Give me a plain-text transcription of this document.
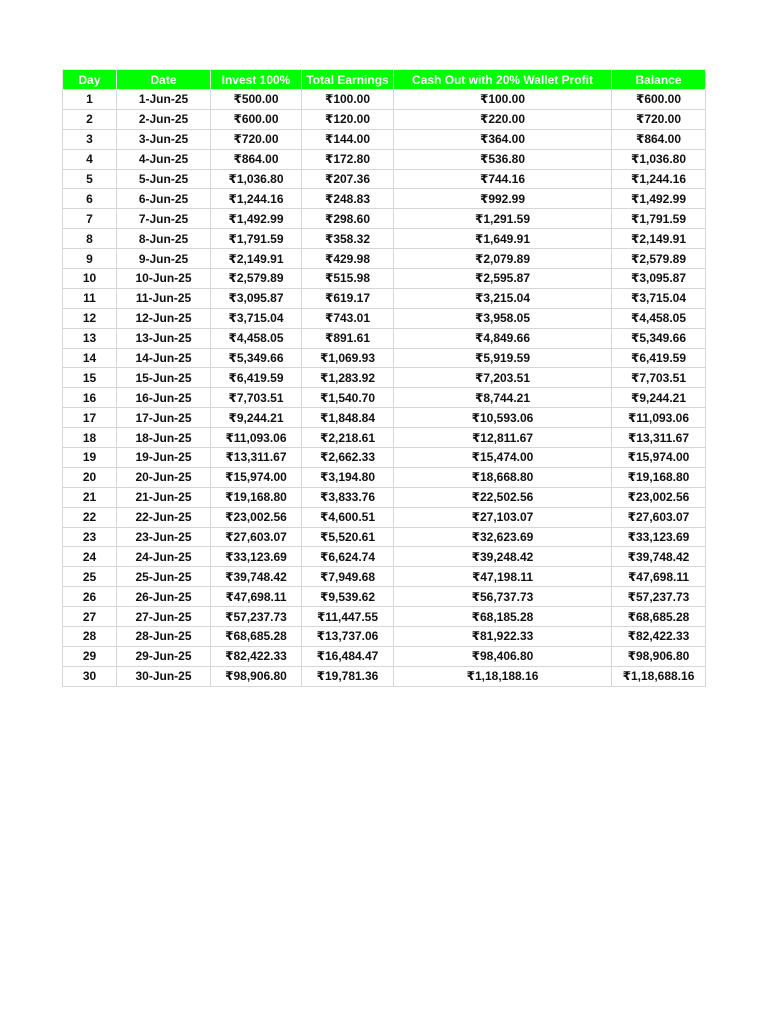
Day	Date	Invest 100%	Total Earnings	Cash Out with 20% Wallet Profit	Balance
1	1-Jun-25	₹500.00	₹100.00	₹100.00	₹600.00
2	2-Jun-25	₹600.00	₹120.00	₹220.00	₹720.00
3	3-Jun-25	₹720.00	₹144.00	₹364.00	₹864.00
4	4-Jun-25	₹864.00	₹172.80	₹536.80	₹1,036.80
5	5-Jun-25	₹1,036.80	₹207.36	₹744.16	₹1,244.16
6	6-Jun-25	₹1,244.16	₹248.83	₹992.99	₹1,492.99
7	7-Jun-25	₹1,492.99	₹298.60	₹1,291.59	₹1,791.59
8	8-Jun-25	₹1,791.59	₹358.32	₹1,649.91	₹2,149.91
9	9-Jun-25	₹2,149.91	₹429.98	₹2,079.89	₹2,579.89
10	10-Jun-25	₹2,579.89	₹515.98	₹2,595.87	₹3,095.87
11	11-Jun-25	₹3,095.87	₹619.17	₹3,215.04	₹3,715.04
12	12-Jun-25	₹3,715.04	₹743.01	₹3,958.05	₹4,458.05
13	13-Jun-25	₹4,458.05	₹891.61	₹4,849.66	₹5,349.66
14	14-Jun-25	₹5,349.66	₹1,069.93	₹5,919.59	₹6,419.59
15	15-Jun-25	₹6,419.59	₹1,283.92	₹7,203.51	₹7,703.51
16	16-Jun-25	₹7,703.51	₹1,540.70	₹8,744.21	₹9,244.21
17	17-Jun-25	₹9,244.21	₹1,848.84	₹10,593.06	₹11,093.06
18	18-Jun-25	₹11,093.06	₹2,218.61	₹12,811.67	₹13,311.67
19	19-Jun-25	₹13,311.67	₹2,662.33	₹15,474.00	₹15,974.00
20	20-Jun-25	₹15,974.00	₹3,194.80	₹18,668.80	₹19,168.80
21	21-Jun-25	₹19,168.80	₹3,833.76	₹22,502.56	₹23,002.56
22	22-Jun-25	₹23,002.56	₹4,600.51	₹27,103.07	₹27,603.07
23	23-Jun-25	₹27,603.07	₹5,520.61	₹32,623.69	₹33,123.69
24	24-Jun-25	₹33,123.69	₹6,624.74	₹39,248.42	₹39,748.42
25	25-Jun-25	₹39,748.42	₹7,949.68	₹47,198.11	₹47,698.11
26	26-Jun-25	₹47,698.11	₹9,539.62	₹56,737.73	₹57,237.73
27	27-Jun-25	₹57,237.73	₹11,447.55	₹68,185.28	₹68,685.28
28	28-Jun-25	₹68,685.28	₹13,737.06	₹81,922.33	₹82,422.33
29	29-Jun-25	₹82,422.33	₹16,484.47	₹98,406.80	₹98,906.80
30	30-Jun-25	₹98,906.80	₹19,781.36	₹1,18,188.16	₹1,18,688.16
